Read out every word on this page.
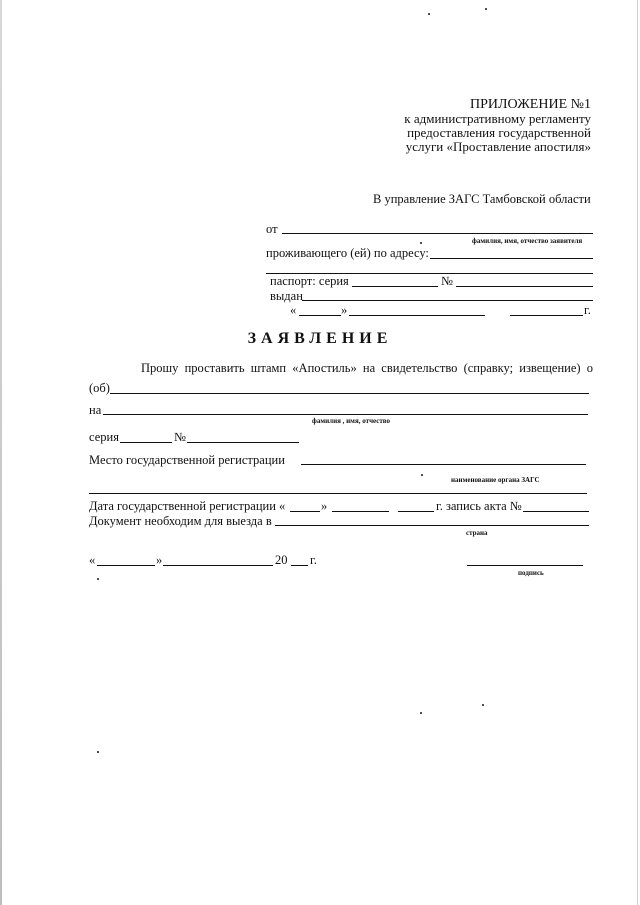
ПРИЛОЖЕНИЕ №1
к административному регламенту
предоставления государственной
услуги «Проставление апостиля»
В управление ЗАГС Тамбовской области
от
фамилия, имя, отчество заявителя
проживающего (ей) по адресу:
паспорт: серия	№
выдан
«	»	г.
ЗАЯВЛЕНИЕ
Прошу проставить штамп «Апостиль» на свидетельство (справку; извещение) о
(об)
на
фамилия , имя, отчество
серия	№
Место государственной регистрации
наименование органа ЗАГС
Дата государственной регистрации «	»	г. запись акта №
Документ необходим для выезда в
страна
«	»	20 г.
подпись
